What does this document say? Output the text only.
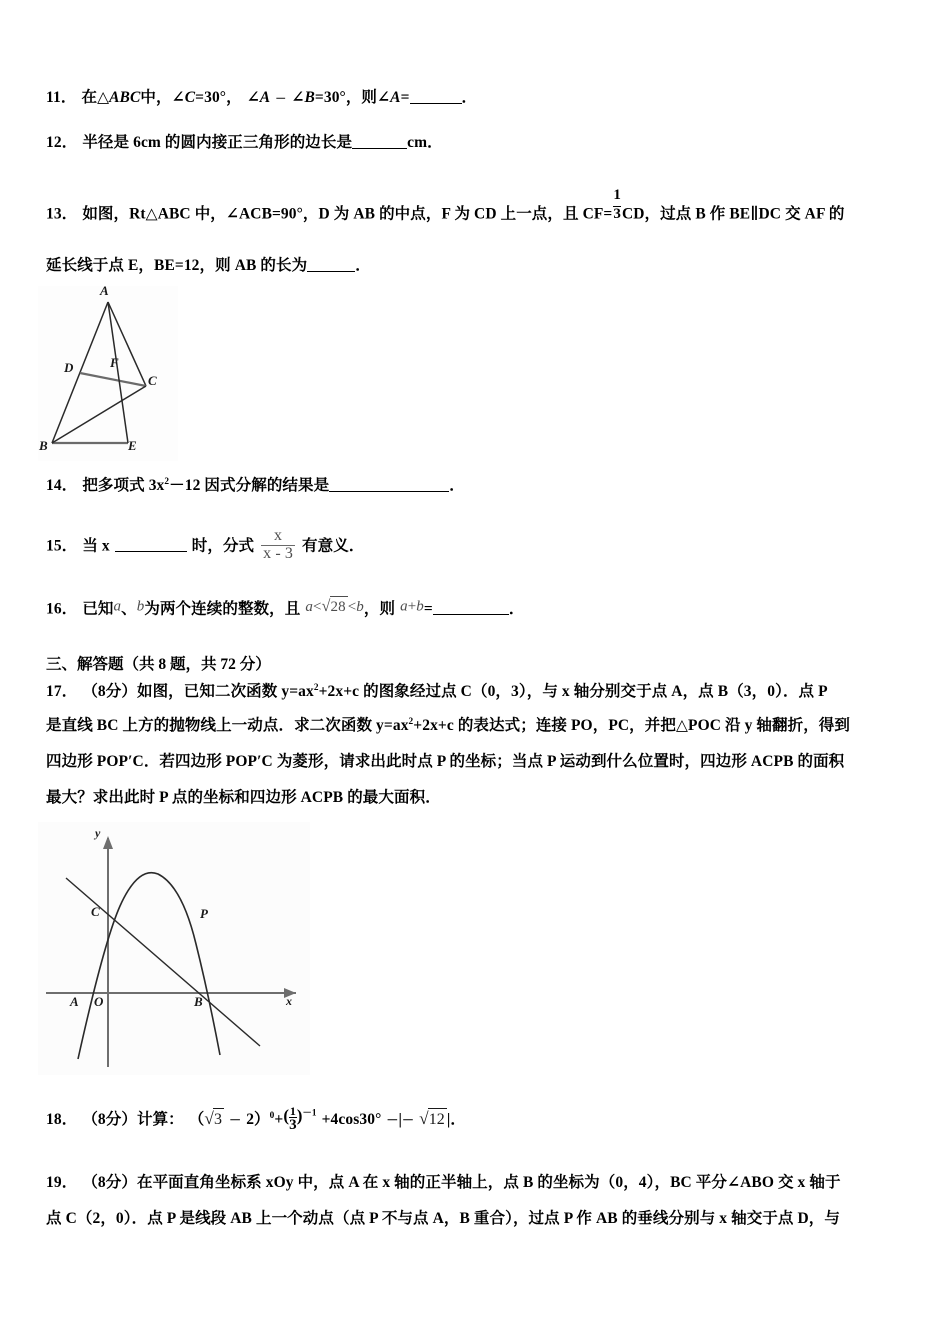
11． 在△ABC中，∠C=30°， ∠A － ∠B=30°，则∠A=	．
12． 半径是 6cm 的圆内接正三角形的边长是	cm．
13． 如图，Rt△ABC 中，∠ACB=90°，D 为 AB 的中点，F 为 CD 上一点，且 $CF= \frac{1}{3}$ CD，过点 B 作 BE∥DC 交 AF 的
延长线于点 E，BE=12，则 AB 的长为	．
A
D	F
C
B	E
14． 把多项式 $3x^2-12$ 因式分解的结果是	．
15． 当 x	时，分式 $\frac{x}{x - 3}$ 有意义．
16． 已知a、b为两个连续的整数，且 a<√28 <b，则 a+b=	．
三、解答题（共 8 题，共 72 分）
17． （8分）如图，已知二次函数 $y=ax^2+2x+c$ 的图象经过点 C（0，3），与 x 轴分别交于点 A，点 B（3，0）．点 P
是直线 BC 上方的抛物线上一动点．求二次函数 $y=ax^2+2x+c$ 的表达式；连接 PO，PC，并把△POC 沿 y 轴翻折，得到
四边形 POP′C．若四边形 POP′C 为菱形，请求出此时点 P 的坐标；当点 P 运动到什么位置时，四边形 ACPB 的面积
最大？求出此时 P 点的坐标和四边形 ACPB 的最大面积．
y
x
O
C	P
A	B
18． （8分）计算： $(√3 - 2)^0+$( 1
3
)$^{-1}$ +4cos30° －|－ √12 |．
19． （8分）在平面直角坐标系 xOy 中，点 A 在 x 轴的正半轴上，点 B 的坐标为（0，4），BC 平分∠ABO 交 x 轴于
点 C（2，0）．点 P 是线段 AB 上一个动点（点 P 不与点 A，B 重合），过点 P 作 AB 的垂线分别与 x 轴交于点 D，与
